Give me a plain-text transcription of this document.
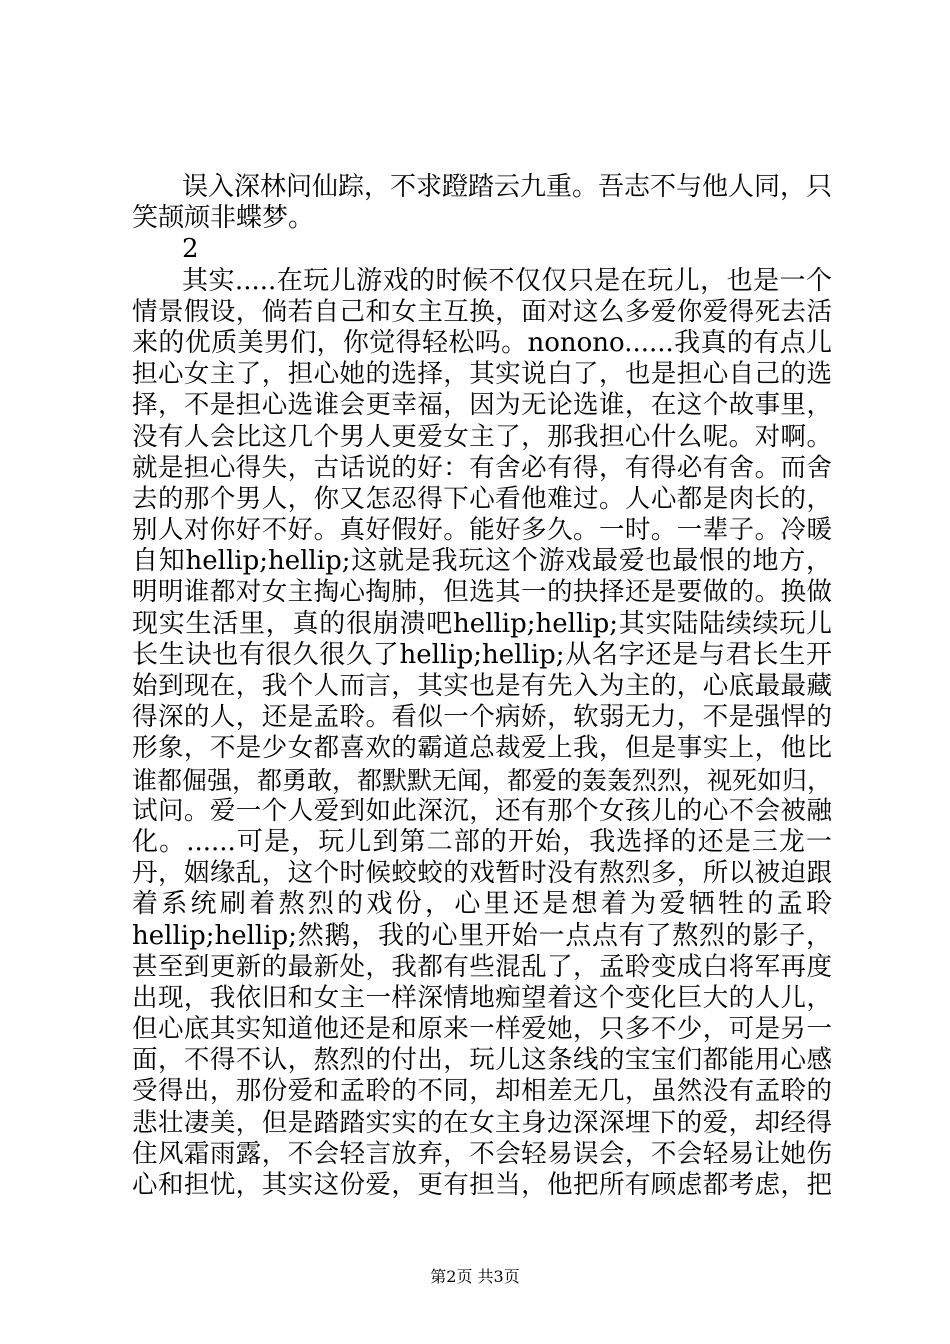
误入深林问仙踪，不求蹬踏云九重。吾志不与他人同，只
笑颉颃非蝶梦。
2
其实.....在玩儿游戏的时候不仅仅只是在玩儿，也是一个
情景假设，倘若自己和女主互换，面对这么多爱你爱得死去活
来的优质美男们，你觉得轻松吗。nonono......我真的有点儿
担心女主了，担心她的选择，其实说白了，也是担心自己的选
择，不是担心选谁会更幸福，因为无论选谁，在这个故事里，
没有人会比这几个男人更爱女主了，那我担心什么呢。对啊。
就是担心得失，古话说的好：有舍必有得，有得必有舍。而舍
去的那个男人，你又怎忍得下心看他难过。人心都是肉长的，
别人对你好不好。真好假好。能好多久。一时。一辈子。冷暖
自知hellip;hellip;这就是我玩这个游戏最爱也最恨的地方，
明明谁都对女主掏心掏肺，但选其一的抉择还是要做的。换做
现实生活里，真的很崩溃吧hellip;hellip;其实陆陆续续玩儿
长生诀也有很久很久了hellip;hellip;从名字还是与君长生开
始到现在，我个人而言，其实也是有先入为主的，心底最最藏
得深的人，还是孟聆。看似一个病娇，软弱无力，不是强悍的
形象，不是少女都喜欢的霸道总裁爱上我，但是事实上，他比
谁都倔强，都勇敢，都默默无闻，都爱的轰轰烈烈，视死如归，
试问。爱一个人爱到如此深沉，还有那个女孩儿的心不会被融
化。......可是，玩儿到第二部的开始，我选择的还是三龙一
丹，姻缘乱，这个时候蛟蛟的戏暂时没有熬烈多，所以被迫跟
着系统刷着熬烈的戏份，心里还是想着为爱牺牲的孟聆
hellip;hellip;然鹅，我的心里开始一点点有了熬烈的影子，
甚至到更新的最新处，我都有些混乱了，孟聆变成白将军再度
出现，我依旧和女主一样深情地痴望着这个变化巨大的人儿，
但心底其实知道他还是和原来一样爱她，只多不少，可是另一
面，不得不认，熬烈的付出，玩儿这条线的宝宝们都能用心感
受得出，那份爱和孟聆的不同，却相差无几，虽然没有孟聆的
悲壮凄美，但是踏踏实实的在女主身边深深埋下的爱，却经得
住风霜雨露，不会轻言放弃，不会轻易误会，不会轻易让她伤
心和担忧，其实这份爱，更有担当，他把所有顾虑都考虑，把
第2页 共3页
